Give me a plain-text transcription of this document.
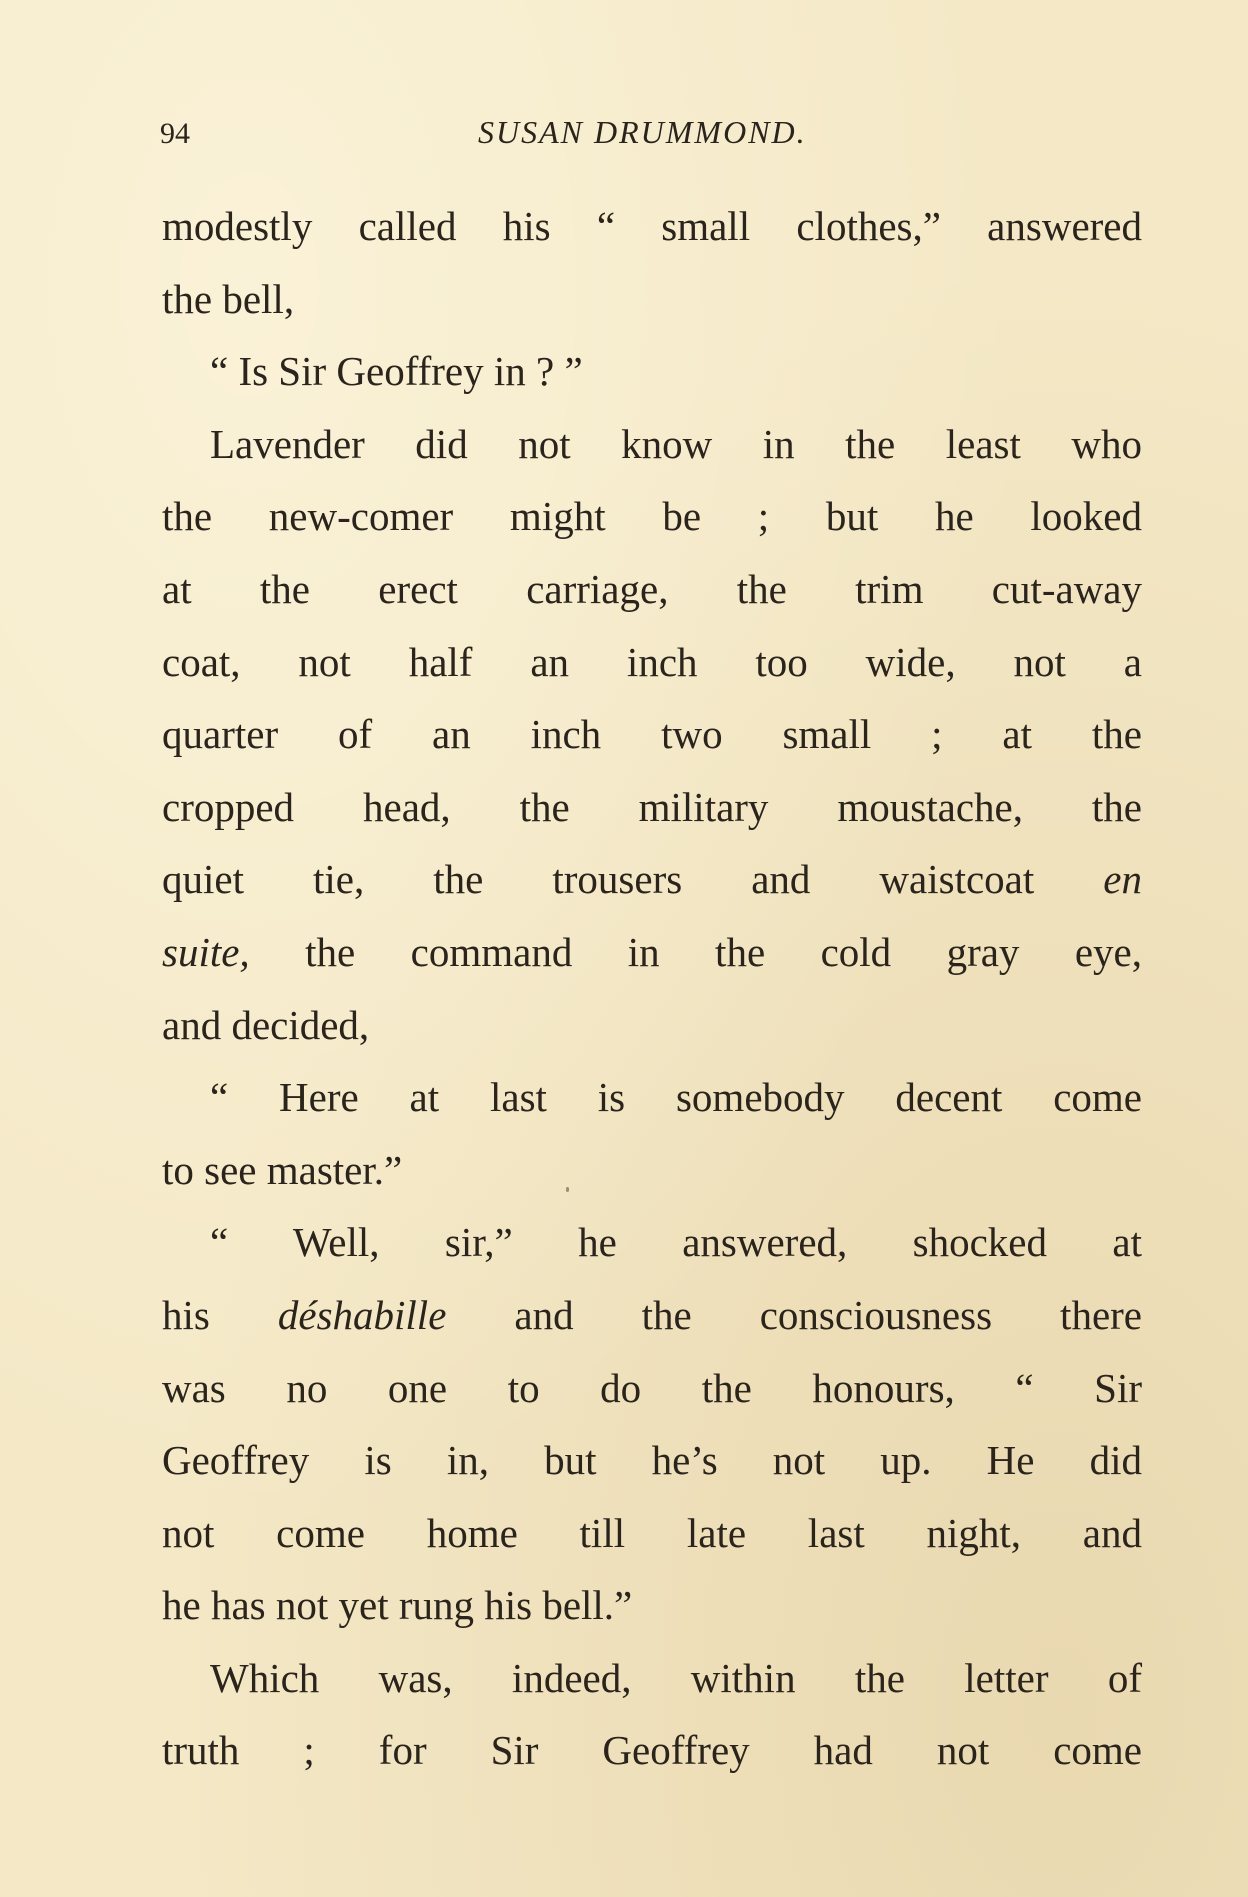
94	SUSAN DRUMMOND.
modestly called his “ small clothes,” answered
the bell,
“ Is Sir Geoffrey in ? ”
Lavender did not know in the least who
the new-comer might be ; but he looked
at the erect carriage, the trim cut-away
coat, not half an inch too wide, not a
quarter of an inch two small ; at the
cropped head, the military moustache, the
quiet tie, the trousers and waistcoat en
suite, the command in the cold gray eye,
and decided,
“ Here at last is somebody decent come
to see master.”
“ Well, sir,” he answered, shocked at
his déshabille and the consciousness there
was no one to do the honours, “ Sir
Geoffrey is in, but he’s not up. He did
not come home till late last night, and
he has not yet rung his bell.”
Which was, indeed, within the letter of
truth ; for Sir Geoffrey had not come
